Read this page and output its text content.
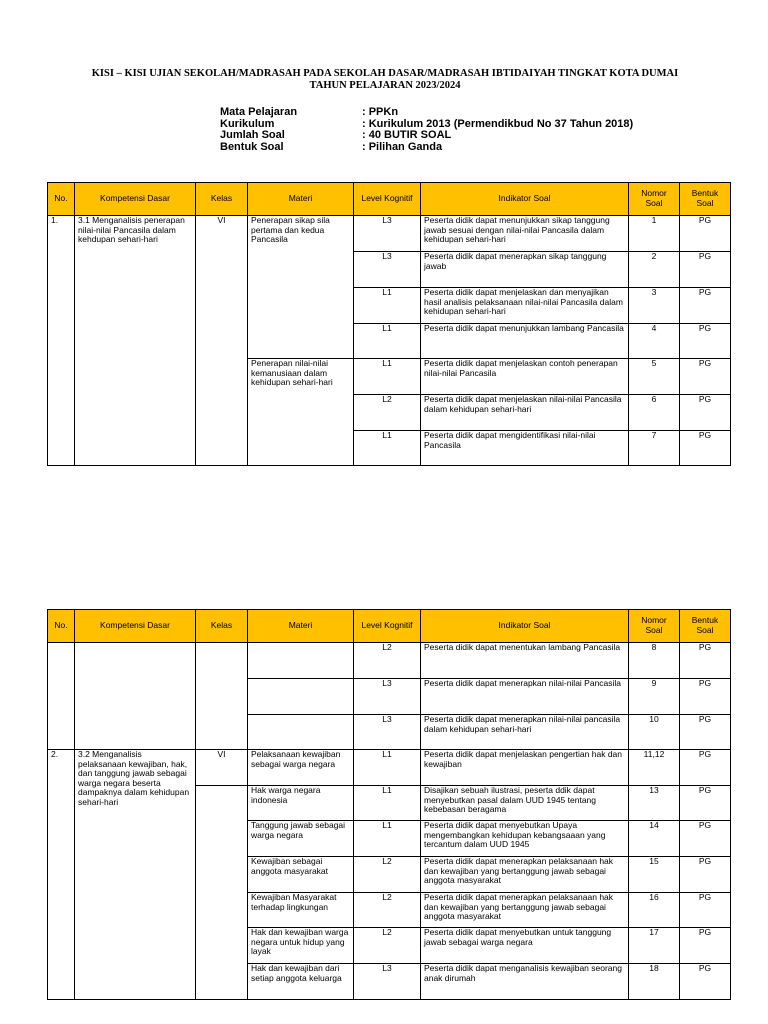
KISI – KISI UJIAN SEKOLAH/MADRASAH PADA SEKOLAH DASAR/MADRASAH IBTIDAIYAH TINGKAT KOTA DUMAI
TAHUN PELAJARAN 2023/2024
Mata Pelajaran	: PPKn
Kurikulum	: Kurikulum 2013 (Permendikbud No 37 Tahun 2018)
Jumlah Soal	: 40 BUTIR SOAL
Bentuk Soal	: Pilihan Ganda
No.	Kompetensi Dasar	Kelas	Materi	Level Kognitif	Indikator Soal	Nomor Soal	Bentuk Soal
1.	3.1 Menganalisis penerapan nilai-nilai Pancasila dalam kehdupan sehari-hari	VI	Penerapan sikap sila pertama dan kedua Pancasila	L3	Peserta didik dapat menunjukkan sikap tanggung jawab sesuai dengan nilai-nilai Pancasila dalam kehidupan sehari-hari	1	PG
				L3	Peserta didik dapat menerapkan sikap tanggung jawab	2	PG
				L1	Peserta didik dapat menjelaskan dan menyajikan hasil analisis pelaksanaan nilai-nilai Pancasila dalam kehidupan sehari-hari	3	PG
				L1	Peserta didik dapat menunjukkan lambang Pancasila	4	PG
			Penerapan nilai-nilai kemanusiaan dalam kehidupan sehari-hari	L1	Peserta didik dapat menjelaskan contoh penerapan nilai-nilai Pancasila	5	PG
				L2	Peserta didik dapat menjelaskan nilai-nilai Pancasila dalam kehidupan sehari-hari	6	PG
				L1	Peserta didik dapat mengidentifikasi nilai-nilai Pancasila	7	PG
No.	Kompetensi Dasar	Kelas	Materi	Level Kognitif	Indikator Soal	Nomor Soal	Bentuk Soal
				L2	Peserta didik dapat menentukan lambang Pancasila	8	PG
				L3	Peserta didik dapat menerapkan nilai-nilai Pancasila	9	PG
				L3	Peserta didik dapat menerapkan nilai-nilai pancasila dalam kehidupan sehari-hari	10	PG
2.	3.2 Menganalisis pelaksanaan kewajiban, hak, dan tanggung jawab sebagai warga negara beserta dampaknya dalam kehidupan sehari-hari	VI	Pelaksanaan kewajiban sebagai warga negara	L1	Peserta didik dapat menjelaskan pengertian hak dan kewajiban	11,12	PG
			Hak warga negara indonesia	L1	Disajikan sebuah ilustrasi, peserta ddik dapat menyebutkan pasal dalam UUD 1945 tentang kebebasan beragama	13	PG
			Tanggung jawab sebagai warga negara	L1	Peserta didik dapat menyebutkan Upaya mengembangkan kehidupan kebangsaaan yang tercantum dalam UUD 1945	14	PG
			Kewajiban sebagai anggota masyarakat	L2	Peserta didik dapat menerapkan pelaksanaan hak dan kewajiban yang bertanggung jawab sebagai anggota masyarakat	15	PG
			Kewajiban Masyarakat terhadap lingkungan	L2	Peserta didik dapat menerapkan pelaksanaan hak dan kewajiban yang bertanggung jawab sebagai anggota masyarakat	16	PG
			Hak dan kewajiban warga negara untuk hidup yang layak	L2	Peserta didik dapat menyebutkan untuk tanggung jawab sebagai warga negara	17	PG
			Hak dan kewajiban dari setiap anggota keluarga	L3	Peserta didik dapat menganalisis kewajiban seorang anak dirumah	18	PG
